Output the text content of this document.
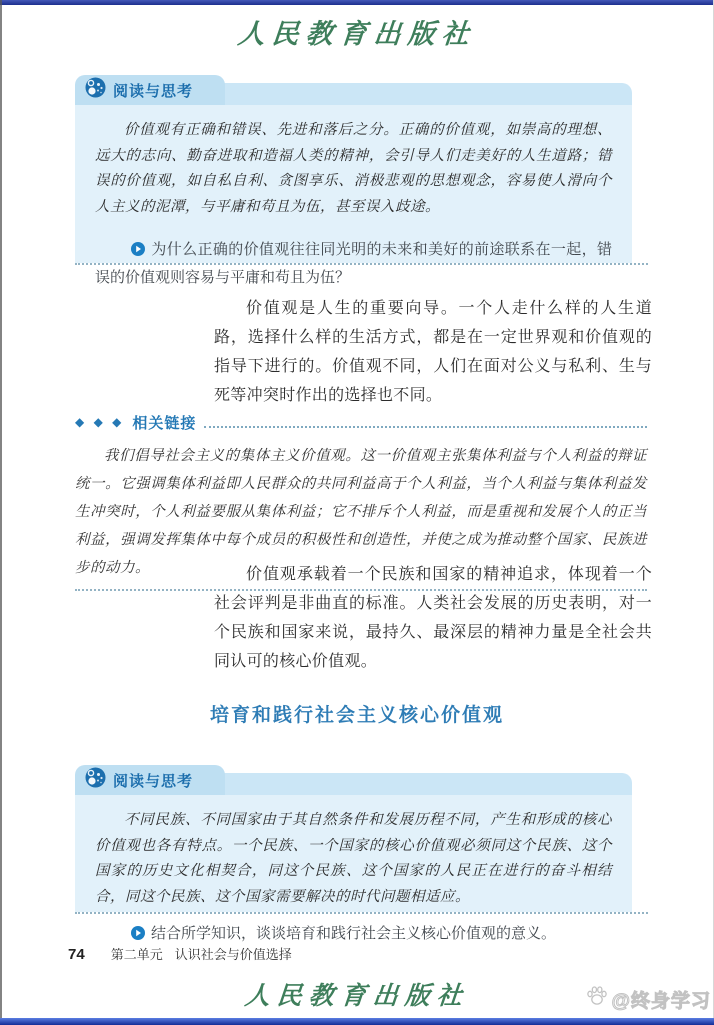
人民教育出版社
阅读与思考

价值观有正确和错误、先进和落后之分。正确的价值观，如崇高的理想、远大的志向、勤奋进取和造福人类的精神，会引导人们走美好的人生道路；错误的价值观，如自私自利、贪图享乐、消极悲观的思想观念，容易使人滑向个人主义的泥潭，与平庸和苟且为伍，甚至误入歧途。

为什么正确的价值观往往同光明的未来和美好的前途联系在一起，错误的价值观则容易与平庸和苟且为伍？

价值观是人生的重要向导。一个人走什么样的人生道路，选择什么样的生活方式，都是在一定世界观和价值观的指导下进行的。价值观不同，人们在面对公义与私利、生与死等冲突时作出的选择也不同。

◆ ◆ ◆ 相关链接

我们倡导社会主义的集体主义价值观。这一价值观主张集体利益与个人利益的辩证统一。它强调集体利益即人民群众的共同利益高于个人利益，当个人利益与集体利益发生冲突时，个人利益要服从集体利益；它不排斥个人利益，而是重视和发展个人的正当利益，强调发挥集体中每个成员的积极性和创造性，并使之成为推动整个国家、民族进步的动力。	价值观承载着一个民族和国家的精神追求，体现着一个社会评判是非曲直的标准。人类社会发展的历史表明，对一个民族和国家来说，最持久、最深层的精神力量是全社会共同认可的核心价值观。

培育和践行社会主义核心价值观
阅读与思考

不同民族、不同国家由于其自然条件和发展历程不同，产生和形成的核心价值观也各有特点。一个民族、一个国家的核心价值观必须同这个民族、这个国家的历史文化相契合，同这个民族、这个国家的人民正在进行的奋斗相结合，同这个民族、这个国家需要解决的时代问题相适应。

结合所学知识，谈谈培育和践行社会主义核心价值观的意义。

74 第二单元 认识社会与价值选择
人民教育出版社	@终身学习
